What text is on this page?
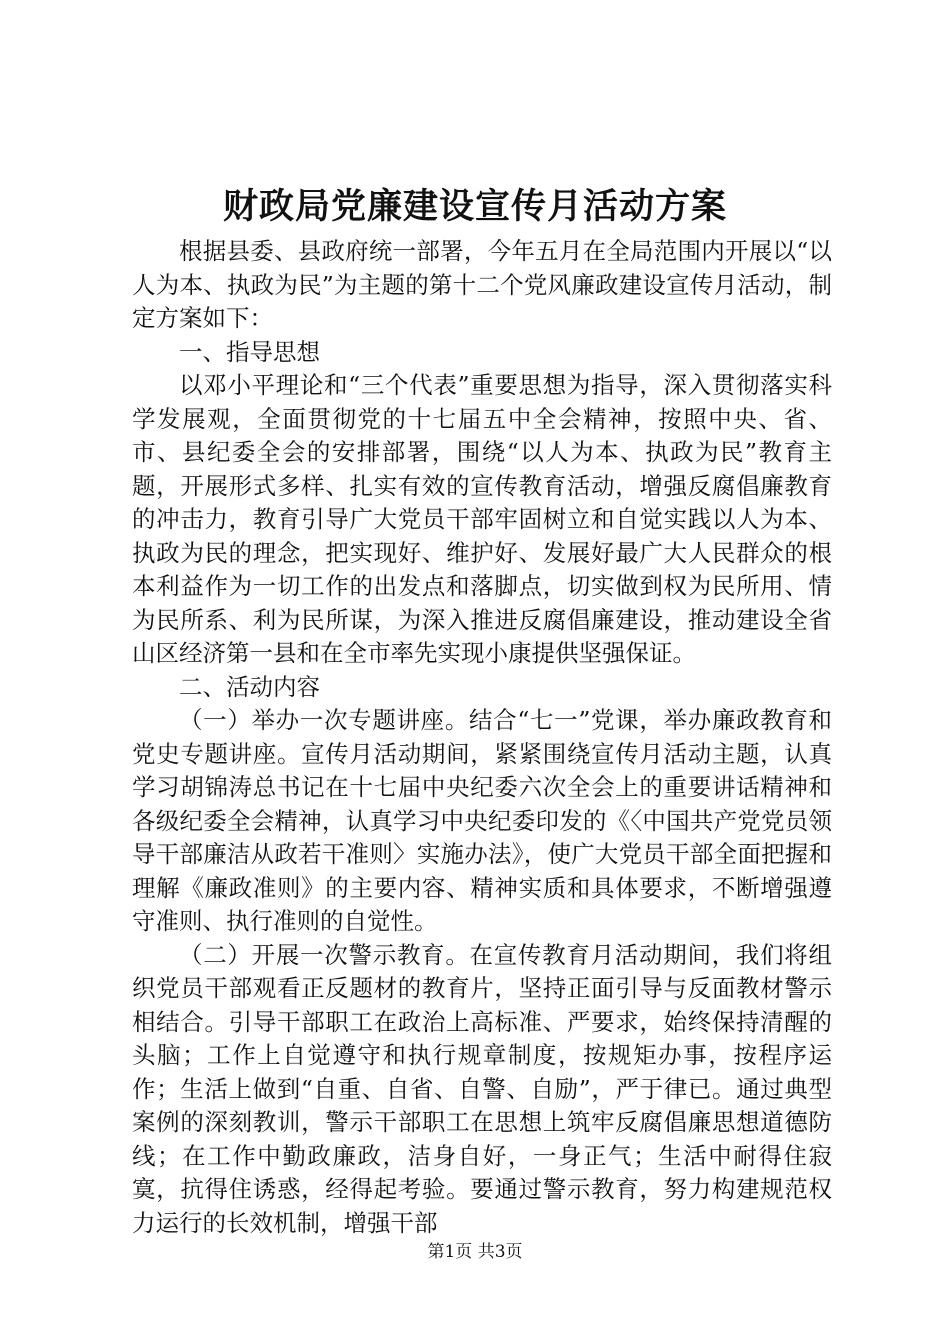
财政局党廉建设宣传月活动方案

根据县委、县政府统一部署，今年五月在全局范围内开展以“以人为本、执政为民”为主题的第十二个党风廉政建设宣传月活动，制定方案如下：

一、指导思想

以邓小平理论和“三个代表”重要思想为指导，深入贯彻落实科学发展观，全面贯彻党的十七届五中全会精神，按照中央、省、市、县纪委全会的安排部署，围绕“以人为本、执政为民”教育主题，开展形式多样、扎实有效的宣传教育活动，增强反腐倡廉教育的冲击力，教育引导广大党员干部牢固树立和自觉实践以人为本、执政为民的理念，把实现好、维护好、发展好最广大人民群众的根本利益作为一切工作的出发点和落脚点，切实做到权为民所用、情为民所系、利为民所谋，为深入推进反腐倡廉建设，推动建设全省山区经济第一县和在全市率先实现小康提供坚强保证。

二、活动内容

（一）举办一次专题讲座。结合“七一”党课，举办廉政教育和党史专题讲座。宣传月活动期间，紧紧围绕宣传月活动主题，认真学习胡锦涛总书记在十七届中央纪委六次全会上的重要讲话精神和各级纪委全会精神，认真学习中央纪委印发的《〈中国共产党党员领导干部廉洁从政若干准则〉实施办法》，使广大党员干部全面把握和理解《廉政准则》的主要内容、精神实质和具体要求，不断增强遵守准则、执行准则的自觉性。

（二）开展一次警示教育。在宣传教育月活动期间，我们将组织党员干部观看正反题材的教育片，坚持正面引导与反面教材警示相结合。引导干部职工在政治上高标准、严要求，始终保持清醒的头脑；工作上自觉遵守和执行规章制度，按规矩办事，按程序运作；生活上做到“自重、自省、自警、自励”，严于律已。通过典型案例的深刻教训，警示干部职工在思想上筑牢反腐倡廉思想道德防线；在工作中勤政廉政，洁身自好，一身正气；生活中耐得住寂寞，抗得住诱惑，经得起考验。要通过警示教育，努力构建规范权力运行的长效机制，增强干部

第1页 共3页
